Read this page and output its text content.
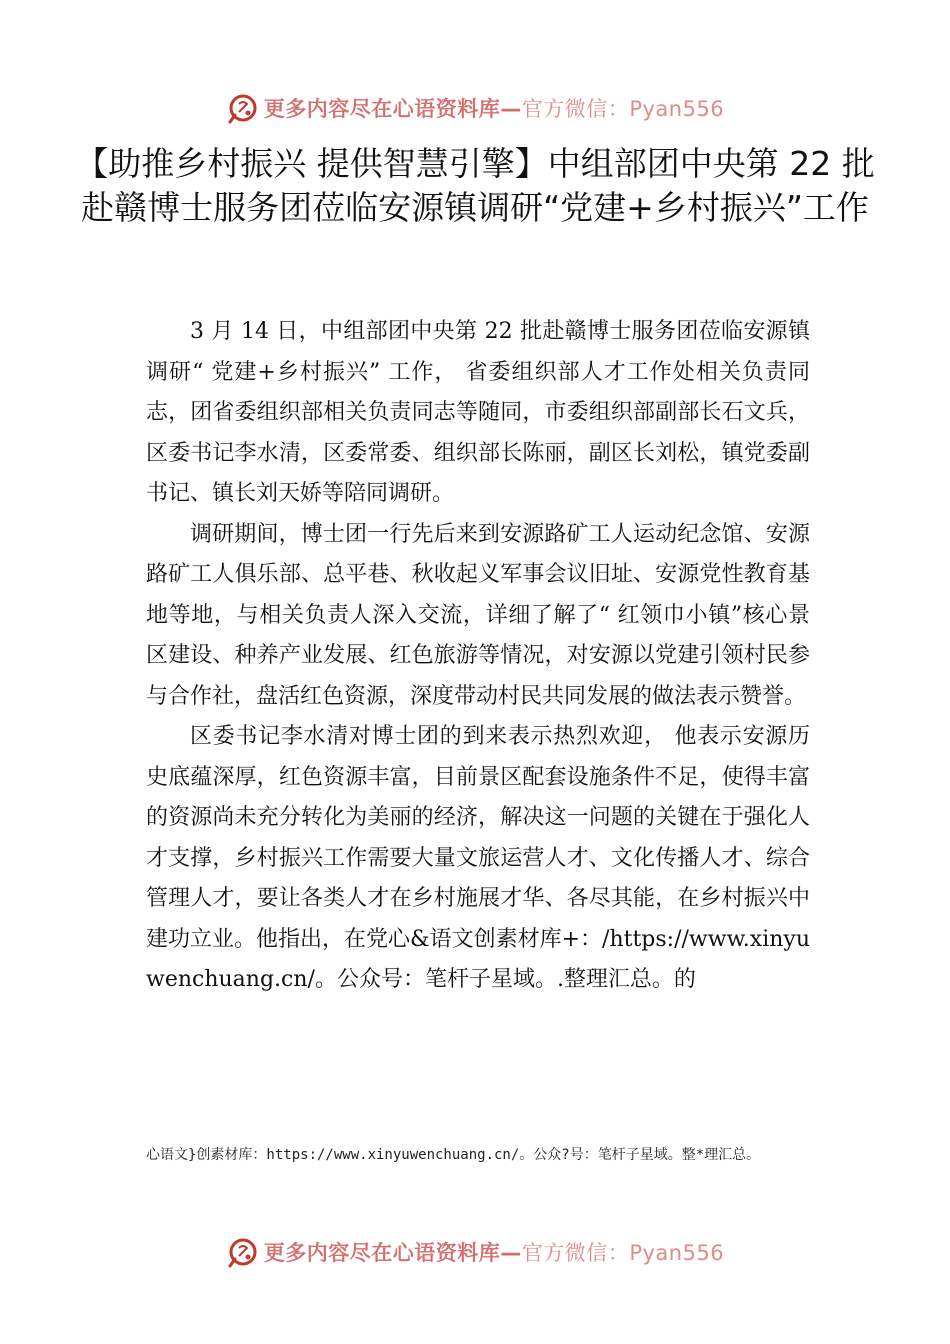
更多内容尽在心语资料库—官方微信：Pyan556
【助推乡村振兴 提供智慧引擎】中组部团中央第 22 批赴赣博士服务团莅临安源镇调研“党建+乡村振兴”工作

3 月 14 日，中组部团中央第 22 批赴赣博士服务团莅临安源镇调研“ 党建+乡村振兴” 工作， 省委组织部人才工作处相关负责同志，团省委组织部相关负责同志等随同，市委组织部副部长石文兵，区委书记李水清，区委常委、组织部长陈丽，副区长刘松，镇党委副书记、镇长刘天娇等陪同调研。

调研期间，博士团一行先后来到安源路矿工人运动纪念馆、安源路矿工人俱乐部、总平巷、秋收起义军事会议旧址、安源党性教育基地等地，与相关负责人深入交流，详细了解了“ 红领巾小镇”核心景区建设、种养产业发展、红色旅游等情况，对安源以党建引领村民参与合作社，盘活红色资源，深度带动村民共同发展的做法表示赞誉。

区委书记李水清对博士团的到来表示热烈欢迎， 他表示安源历史底蕴深厚，红色资源丰富，目前景区配套设施条件不足，使得丰富的资源尚未充分转化为美丽的经济，解决这一问题的关键在于强化人才支撑，乡村振兴工作需要大量文旅运营人才、文化传播人才、综合管理人才，要让各类人才在乡村施展才华、各尽其能，在乡村振兴中建功立业。他指出，在党心&语文创素材库+：/https://www.xinyuwenchuang.cn/。公众号：笔杆子星域。.整理汇总。的

心语文}创素材库：https://www.xinyuwenchuang.cn/。公众?号：笔杆子星域。整*理汇总。
更多内容尽在心语资料库—官方微信：Pyan556
